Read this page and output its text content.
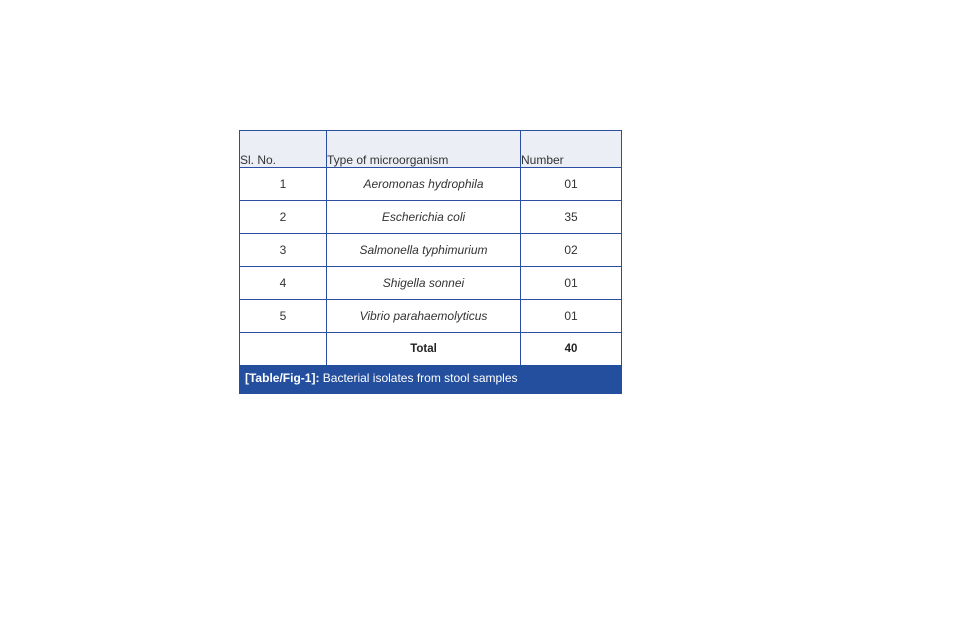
Sl. No.	Type of microorganism	Number
1	Aeromonas hydrophila	01
2	Escherichia coli	35
3	Salmonella typhimurium	02
4	Shigella sonnei	01
5	Vibrio parahaemolyticus	01
	Total	40
[Table/Fig-1]: Bacterial isolates from stool samples
